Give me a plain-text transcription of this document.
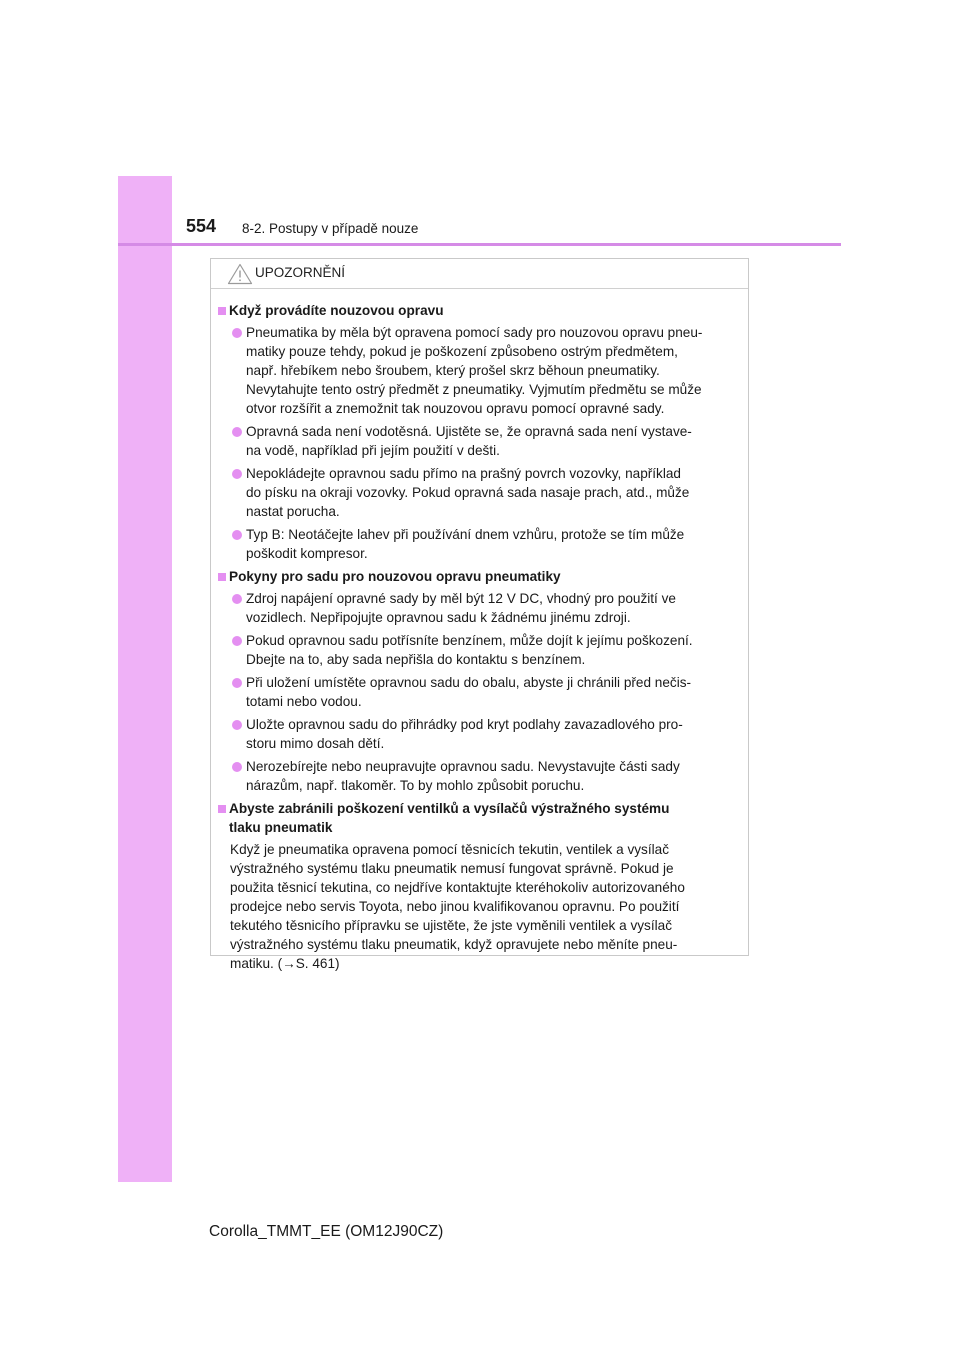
554 8-2. Postupy v případě nouze
UPOZORNĚNÍ
Když provádíte nouzovou opravu
Pneumatika by měla být opravena pomocí sady pro nouzovou opravu pneu-
matiky pouze tehdy, pokud je poškození způsobeno ostrým předmětem,
např. hřebíkem nebo šroubem, který prošel skrz běhoun pneumatiky.
Nevytahujte tento ostrý předmět z pneumatiky. Vyjmutím předmětu se může
otvor rozšířit a znemožnit tak nouzovou opravu pomocí opravné sady.
Opravná sada není vodotěsná. Ujistěte se, že opravná sada není vystave-
na vodě, například při jejím použití v dešti.
Nepokládejte opravnou sadu přímo na prašný povrch vozovky, například
do písku na okraji vozovky. Pokud opravná sada nasaje prach, atd., může
nastat porucha.
Typ B: Neotáčejte lahev při používání dnem vzhůru, protože se tím může
poškodit kompresor.
Pokyny pro sadu pro nouzovou opravu pneumatiky
Zdroj napájení opravné sady by měl být 12 V DC, vhodný pro použití ve
vozidlech. Nepřipojujte opravnou sadu k žádnému jinému zdroji.
Pokud opravnou sadu potřísníte benzínem, může dojít k jejímu poškození.
Dbejte na to, aby sada nepřišla do kontaktu s benzínem.
Při uložení umístěte opravnou sadu do obalu, abyste ji chránili před nečis-
totami nebo vodou.
Uložte opravnou sadu do přihrádky pod kryt podlahy zavazadlového pro-
storu mimo dosah dětí.
Nerozebírejte nebo neupravujte opravnou sadu. Nevystavujte části sady
nárazům, např. tlakoměr. To by mohlo způsobit poruchu.
Abyste zabránili poškození ventilků a vysílačů výstražného systému
tlaku pneumatik
Když je pneumatika opravena pomocí těsnicích tekutin, ventilek a vysílač
výstražného systému tlaku pneumatik nemusí fungovat správně. Pokud je
použita těsnicí tekutina, co nejdříve kontaktujte kteréhokoliv autorizovaného
prodejce nebo servis Toyota, nebo jinou kvalifikovanou opravnu. Po použití
tekutého těsnicího přípravku se ujistěte, že jste vyměnili ventilek a vysílač
výstražného systému tlaku pneumatik, když opravujete nebo měníte pneu-
matiku. (→S. 461)
Corolla_TMMT_EE (OM12J90CZ)
